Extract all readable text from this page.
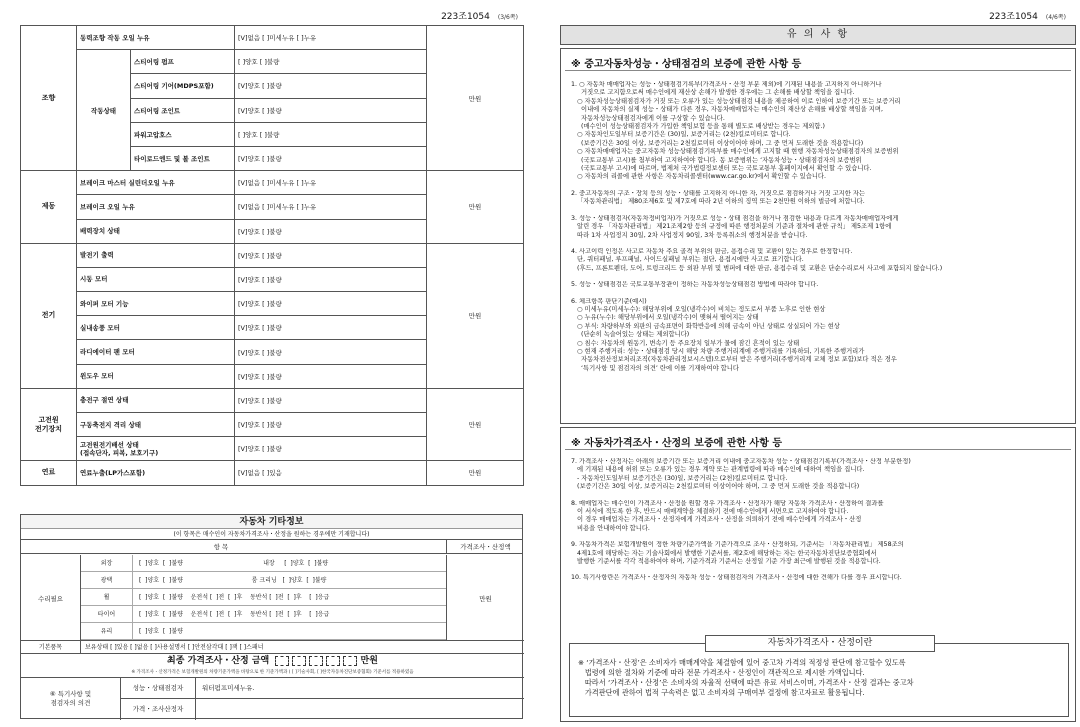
223조1054 (3/6쪽)
조향	동력조향 작동 오일 누유		[V]없음 [ ]미세누유 [ ]누유	만원
	작동상태	스티어링 펌프	[ ]양호 [ ]불량	
		스티어링 기어(MDPS포함)	[V]양호 [ ]불량	
		스티어링 조인트	[V]양호 [ ]불량	
		파워고압호스	[ ]양호 [ ]불량	
		타이로드엔드 및 볼 조인트	[V]양호 [ ]불량	
제동	브레이크 마스터 실린더오일 누유		[V]없음 [ ]미세누유 [ ]누유	만원
	브레이크 오일 누유		[V]없음 [ ]미세누유 [ ]누유	
	배력장치 상태		[V]양호 [ ]불량	
전기	발전기 출력		[V]양호 [ ]불량	만원
	시동 모터		[V]양호 [ ]불량	
	와이퍼 모터 기능		[V]양호 [ ]불량	
	실내송풍 모터		[V]양호 [ ]불량	
	라디에이터 팬 모터		[V]양호 [ ]불량	
	윈도우 모터		[V]양호 [ ]불량	
고전원
전기장치	충전구 절연 상태		[V]양호 [ ]불량	만원
	구동축전지 격리 상태		[V]양호 [ ]불량	
	고전원전기배선 상태
(접속단자, 피복, 보호기구)		[V]양호 [ ]불량	
연료	연료누출(LP가스포함)		[V]없음 [ ]있음	만원
자동차 기타정보
(이 항목은 매수인이 자동차가격조사・산정을 원하는 경우에만 기재합니다)
항 목	가격조사・산정액
수리필요	만원
외장	[  ]양호  [  ]불량                                          내장     [  ]양호  [  ]불량
광택	[  ]양호  [  ]불량                                    룸 크리닝   [  ]양호  [  ]불량
휠	[  ]양호  [  ]불량    운전석 [  ]전  [  ]후    동반석 [  ]전  [  ]후    [  ]응급
타이어	[  ]양호  [  ]불량    운전석 [  ]전  [  ]후    동반석 [  ]전  [  ]후    [  ]응급
유리	[  ]양호  [  ]불량
기본품목	보유상태 [ ]있음 [ ]없음 [ ]사용설명서 [ ]안전삼각대 [ ]잭 [ ]스패너
최종 가격조사・산정 금액	만원
※ 가격조사・산정가격은 보험개발원의 차량기준가액을 바탕으로 한 기준가액과 ( [ ]기술사회, [ ]한국자동차진단보증협회) 기준서를 적용하였음
⑥ 특기사항 및
점검자의 의견
성능・상태점검자	워터펌프미세누유.
가격・조사산정자
223조1054 (4/6쪽)
유 의 사 항
※ 중고자동차성능・상태점검의 보증에 관한 사항 등
1. ○ 자동차 매매업자는 성능・상태점검기록부(가격조사・산정 부분 제외)에 기재된 내용을 고지하지 아니하거나
거짓으로 고지함으로써 매수인에게 재산상 손해가 발생한 경우에는 그 손해를 배상할 책임을 집니다.
○ 자동차성능상태점검자가 거짓 또는 오류가 있는 성능상태점검 내용을 제공하여 이로 인하여 보증기간 또는 보증거리
이내에 자동차의 실제 성능・상태가 다른 경우, 자동차매매업자는 매수인의 재산상 손해를 배상할 책임을 지며,
자동차성능상태점검자에게 이를 구상할 수 있습니다.
(매수인이 성능상태점검자가 가입한 책임보험 등을 통해 별도로 배상받는 경우는 제외함.)
○ 자동차인도일부터 보증기간은 (30)일, 보증거리는 (2천)킬로미터로 합니다.
(보증기간은 30일 이상, 보증거리는 2천킬로미터 이상이어야 하며, 그 중 먼저 도래한 것을 적용합니다)
○ 자동차매매업자는 중고자동차 성능상태점검기록부를 매수인에게 고지할 때 현행 자동차성능상태점검자의 보증범위
(국토교통부 고시)를 첨부하여 고지하여야 합니다. 동 보증범위는 ‘자동차성능・상태점검자의 보증범위
(국토교통부 고시)에 따르며, 법제처 국가법령정보센터 또는 국토교통부 홈페이지에서 확인할 수 있습니다.
○ 자동차의 리콜에 관한 사항은 자동차리콜센터(www.car.go.kr)에서 확인할 수 있습니다.
2. 중고자동차의 구조・장치 등의 성능・상태를 고지하지 아니한 자, 거짓으로 점검하거나 거짓 고지한 자는
「자동차관리법」 제80조제6호 및 제7호에 따라 2년 이하의 징역 또는 2천만원 이하의 벌금에 처합니다.
3. 성능・상태점검자(자동차정비업자)가 거짓으로 성능・상태 점검을 하거나 점검한 내용과 다르게 자동차매매업자에게
알린 경우 「자동차관리법」 제21조제2항 등의 규정에 따른 행정처분의 기준과 절차에 관한 규칙」 제5조제 1항에
따라 1차 사업정지 30일, 2차 사업정지 90일, 3차 등록취소의 행정처분을 받습니다.
4. 사고이력 인정은 사고로 자동차 주요 골격 부위의 판금, 용접수리 및 교환이 있는 경우로 한정합니다.
단, 쿼터패널, 루프패널, 사이드실패널 부위는 절단, 용접시에만 사고로 표기합니다.
(후드, 프론트펜더, 도어, 트렁크리드 등 외판 부위 및 범퍼에 대한 판금, 용접수리 및 교환은 단순수리로서 사고에 포함되지 않습니다.)
5. 성능・상태점검은 국토교통부장관이 정하는 자동차성능상태점검 방법에 따라야 합니다.
6. 체크항목 판단기준(예시)
○ 미세누유(미세누수): 해당부위에 오일(냉각수)이 비치는 정도로서 부품 노후로 인한 현상
○ 누유(누수): 해당부위에서 오일(냉각수)이 맺혀서 떨어지는 상태
○ 부식: 차량하부와 외판의 금속표면이 화학반응에 의해 금속이 아닌 상태로 상실되어 가는 현상
(단순히 녹슬어있는 상태는 제외합니다)
○ 침수: 자동차의 원동기, 변속기 등 주요장치 일부가 물에 잠긴 흔적이 있는 상태
○ 현재 주행거리: 성능・상태점검 당시 해당 차량 주행거리계에 주행거리를 기록하되, 기록한 주행거리가
자동차전산정보처리조직(자동차관리정보시스템)으로부터 받은 주행거리(주행거리계 교체 정보 포함)보다 적은 경우
‘특기사항 및 점검자의 의견’ 란에 이를 기재하여야 합니다
※ 자동차가격조사・산정의 보증에 관한 사항 등
7. 가격조사・산정자는 아래의 보증기간 또는 보증거리 이내에 중고자동차 성능・상태점검기록부(가격조사・산정 부분한정)
에 기재된 내용에 허위 또는 오류가 있는 경우 계약 또는 관계법령에 따라 매수인에 대하여 책임을 집니다.
- 자동차인도일부터 보증기간은 (30)일, 보증거리는 (2천)킬로미터로 합니다.
(보증기간은 30일 이상, 보증거리는 2천킬로미터 이상이어야 하며, 그 중 먼저 도래한 것을 적용합니다)
8. 매매업자는 매수인이 가격조사・산정을 원할 경우 가격조사・산정자가 해당 자동차 가격조사・산정하여 결과를
이 서식에 적도록 한 후, 반드시 매매계약을 체결하기 전에 매수인에게 서면으로 고지하여야 합니다.
이 경우 매매업자는 가격조사・산정자에게 가격조사・산정을 의뢰하기 전에 매수인에게 가격조사・산정
비용을 안내하여야 합니다.
9. 자동차가격은 보험개발원이 정한 차량기준가액을 기준가격으로 조사・산정하되, 기준서는 「자동차관리법」 제58조의
4제1호에 해당하는 자는 기술사회에서 발행한 기준서를, 제2호에 해당하는 자는 한국자동차진단보증협회에서
발행한 기준서를 각각 적용하여야 하며, 기준가격과 기준서는 산정일 기준 가장 최근에 발행된 것을 적용합니다.
10. 특기사항란은 가격조사・산정자의 자동차 성능・상태점검자의 가격조사・산정에 대한 견해가 다를 경우 표시합니다.
※ ‘가격조사・산정’은 소비자가 매매계약을 체결함에 있어 중고차 가격의 적정성 판단에 참고할수 있도록
법령에 의한 절차와 기준에 따라 전문 가격조사・산정인이 객관적으로 제시한 가액입니다.
따라서 ‘가격조사・산정’은 소비자의 자율적 선택에 따른 유료 서비스이며, 가격조사・산정 결과는 중고차
가격판단에 관하여 법적 구속력은 없고 소비자의 구매여부 결정에 참고자료로 활용됩니다.
자동차가격조사・산정이란
